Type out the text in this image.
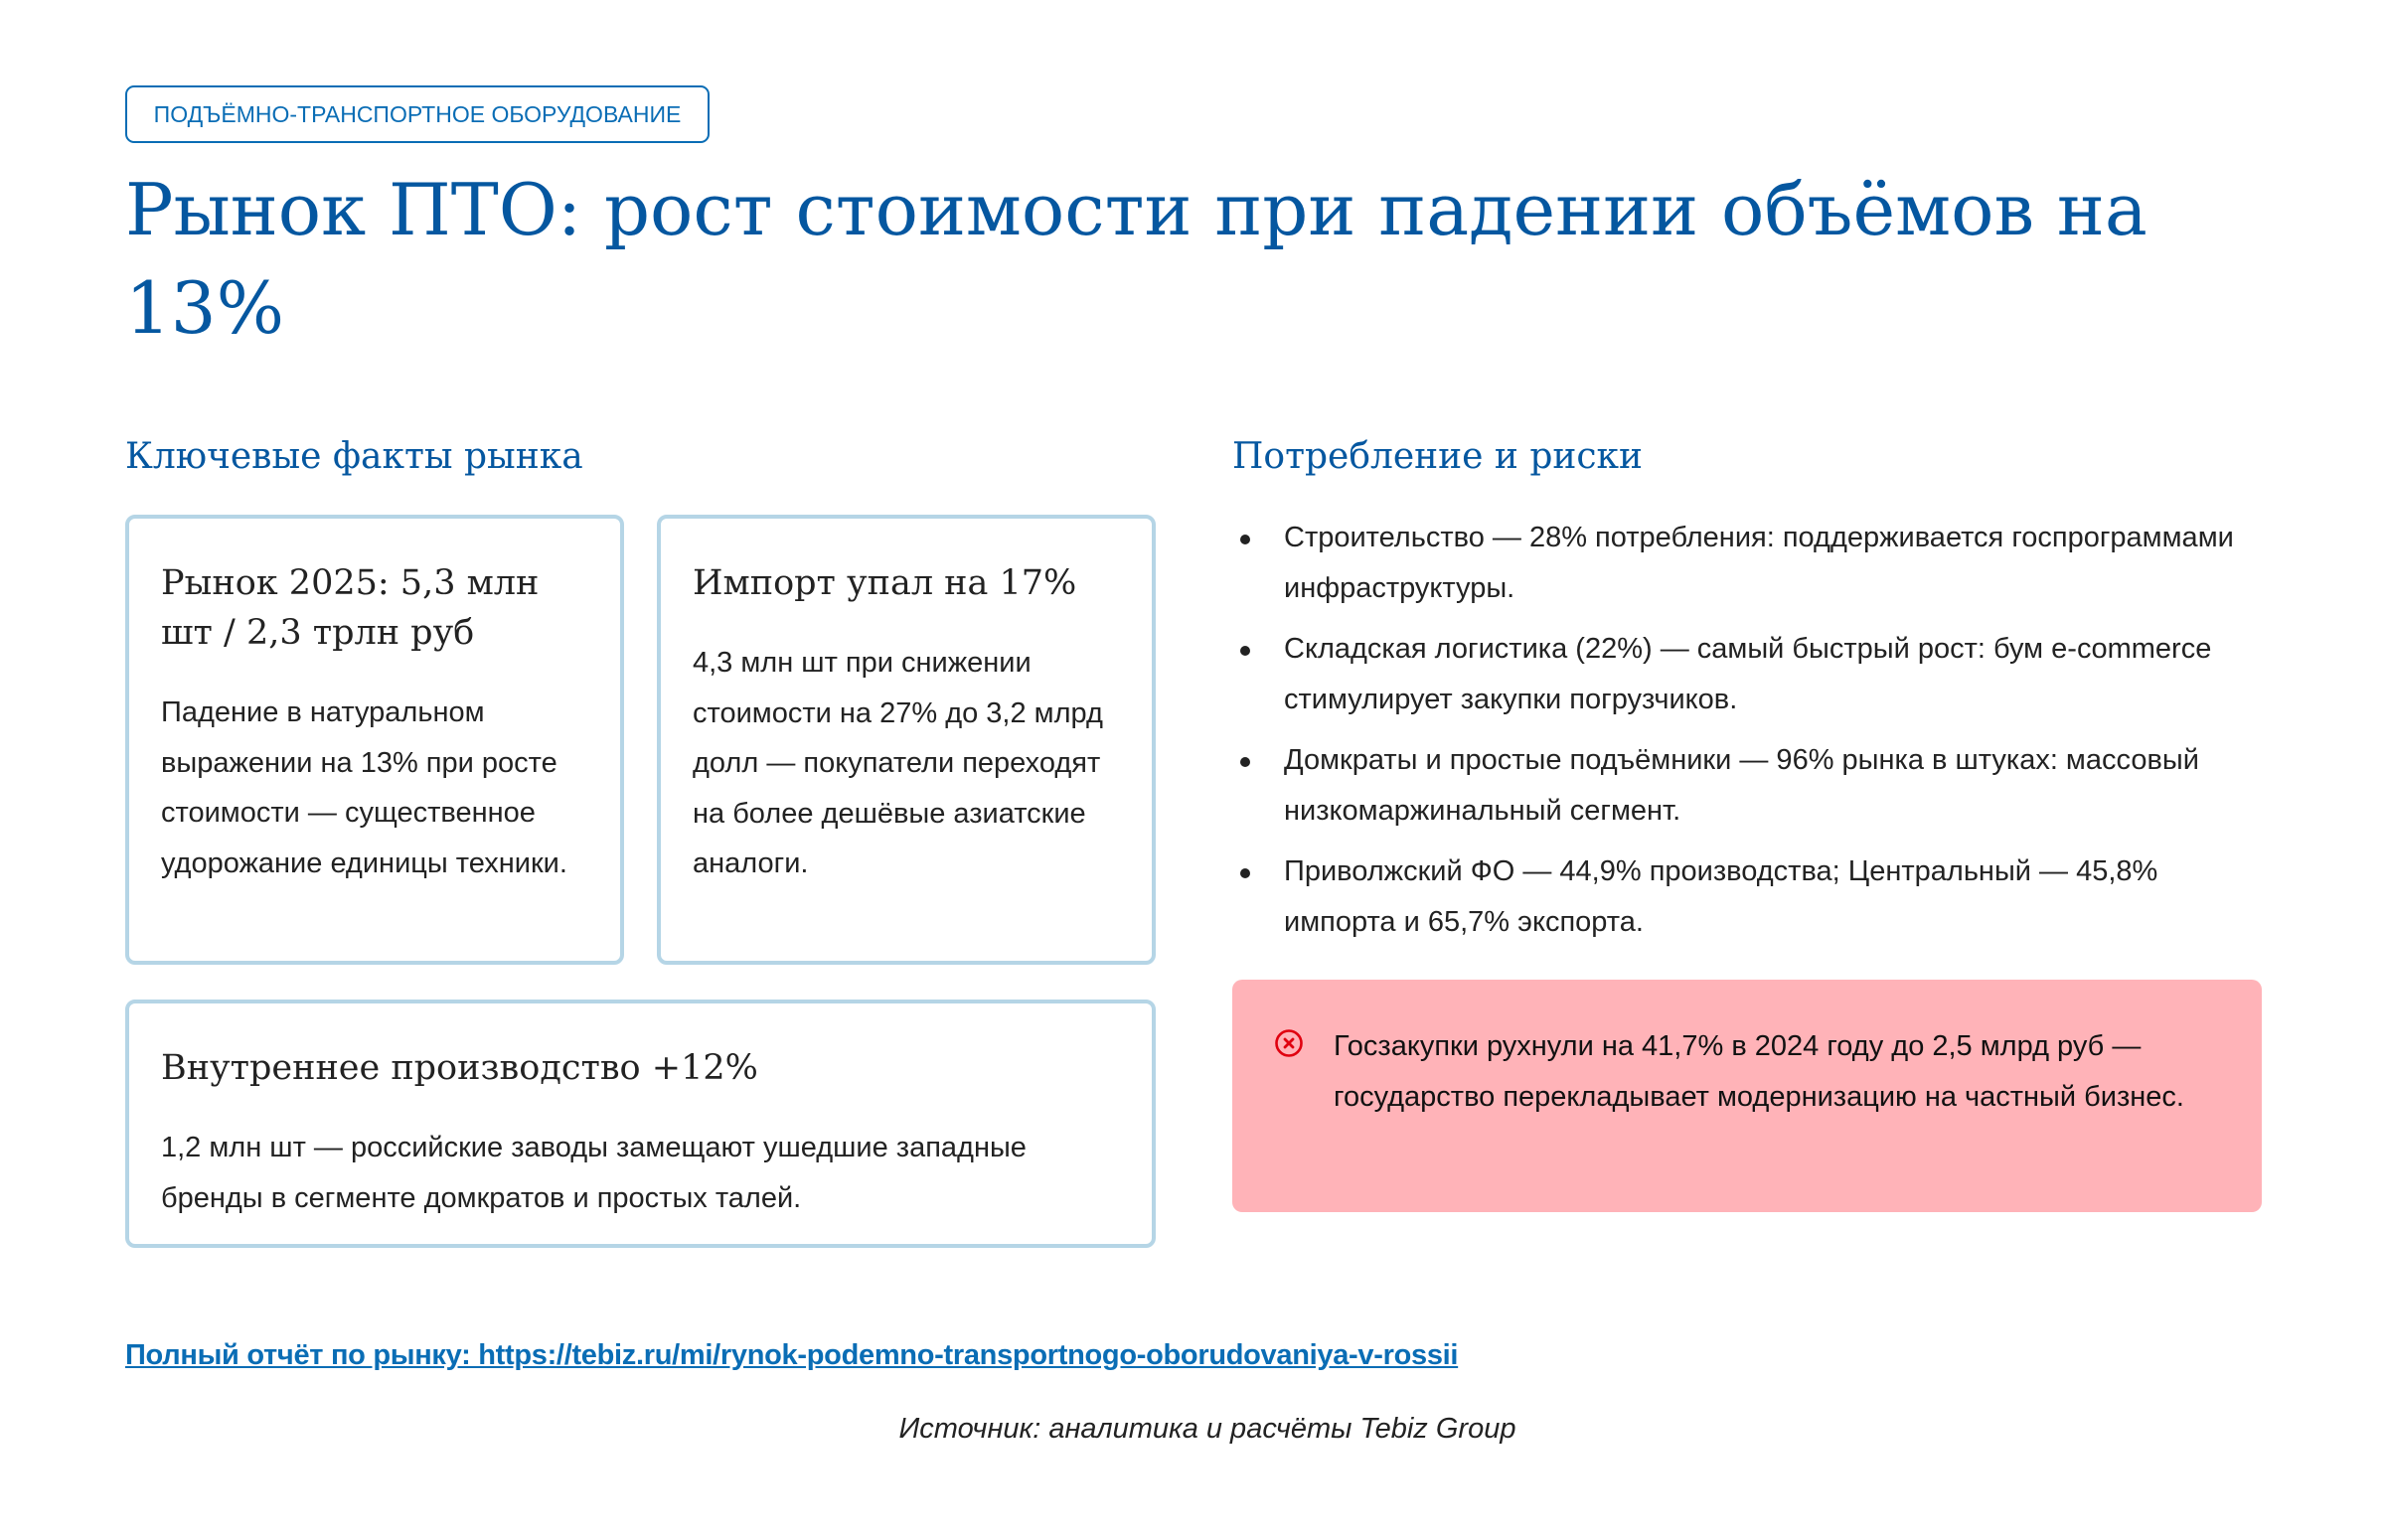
ПОДЪЁМНО-ТРАНСПОРТНОЕ ОБОРУДОВАНИЕ
Рынок ПТО: рост стоимости при падении объёмов на 13%
Ключевые факты рынка
Рынок 2025: 5,3 млн шт / 2,3 трлн руб

Падение в натуральном выражении на 13% при росте стоимости — существенное удорожание единицы техники.

Импорт упал на 17%

4,3 млн шт при снижении стоимости на 27% до 3,2 млрд долл — покупатели переходят на более дешёвые азиатские аналоги.

Внутреннее производство +12%

1,2 млн шт — российские заводы замещают ушедшие западные бренды в сегменте домкратов и простых талей.

Потребление и риски
Строительство — 28% потребления: поддерживается госпрограммами инфраструктуры.
Складская логистика (22%) — самый быстрый рост: бум e-commerce стимулирует закупки погрузчиков.
Домкраты и простые подъёмники — 96% рынка в штуках: массовый низкомаржинальный сегмент.
Приволжский ФО — 44,9% производства; Центральный — 45,8% импорта и 65,7% экспорта.

Госзакупки рухнули на 41,7% в 2024 году до 2,5 млрд руб — государство перекладывает модернизацию на частный бизнес.

Полный отчёт по рынку: https://tebiz.ru/mi/rynok-podemno-transportnogo-oborudovaniya-v-rossii
Источник: аналитика и расчёты Tebiz Group
